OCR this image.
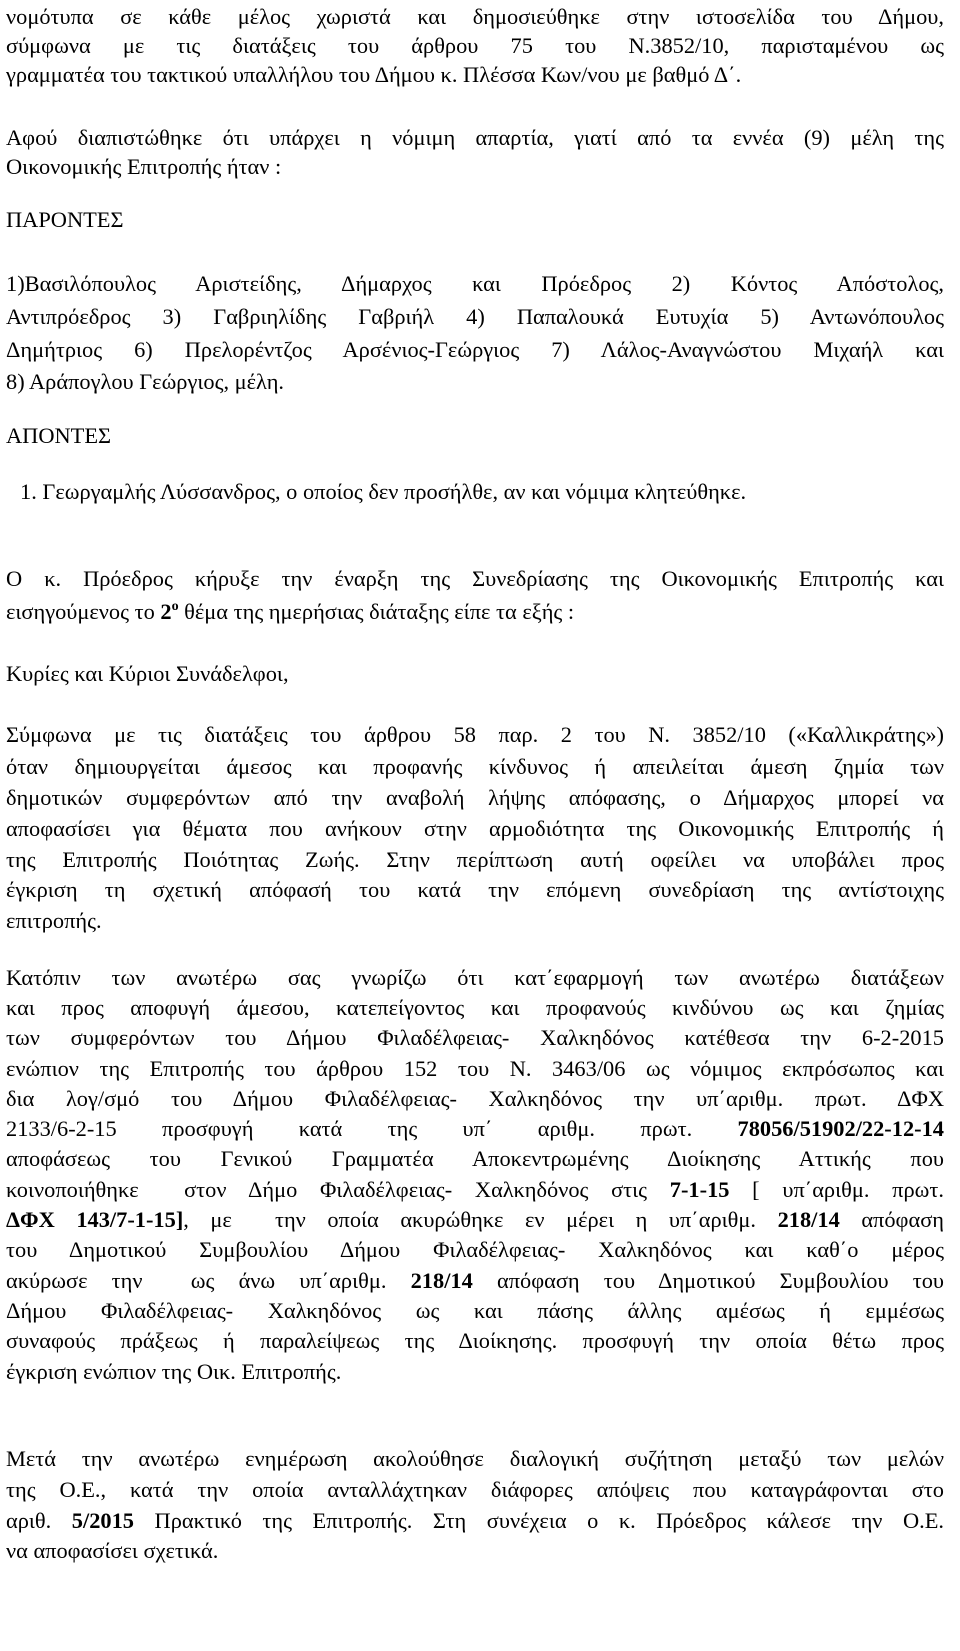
νομότυπα σε κάθε μέλος χωριστά και δημοσιεύθηκε στην ιστοσελίδα του Δήμου,
σύμφωνα με τις διατάξεις του άρθρου 75 του Ν.3852/10, παρισταμένου ως
γραμματέα του τακτικού υπαλλήλου του Δήμου κ. Πλέσσα Κων/νου με βαθμό Δ΄.
Αφού διαπιστώθηκε ότι υπάρχει η νόμιμη απαρτία, γιατί από τα εννέα (9) μέλη της
Οικονομικής Επιτροπής ήταν :
ΠΑΡΟΝΤΕΣ
1)Βασιλόπουλος Αριστείδης, Δήμαρχος και Πρόεδρος 2) Κόντος Απόστολος,
Αντιπρόεδρος 3) Γαβριηλίδης Γαβριήλ 4) Παπαλουκά Ευτυχία 5) Αντωνόπουλος
Δημήτριος 6) Πρελορέντζος Αρσένιος-Γεώργιος 7) Λάλος-Αναγνώστου Μιχαήλ και
8) Αράπογλου Γεώργιος, μέλη.
ΑΠΟΝΤΕΣ
1. Γεωργαμλής Λύσσανδρος, ο οποίος δεν προσήλθε, αν και νόμιμα κλητεύθηκε.
Ο κ. Πρόεδρος κήρυξε την έναρξη της Συνεδρίασης της Οικονομικής Επιτροπής και
εισηγούμενος το $2^o$ θέμα της ημερήσιας διάταξης είπε τα εξής :
Κυρίες και Κύριοι Συνάδελφοι,
Σύμφωνα με τις διατάξεις του άρθρου 58 παρ. 2 του Ν. 3852/10 («Καλλικράτης»)
όταν δημιουργείται άμεσος και προφανής κίνδυνος ή απειλείται άμεση ζημία των
δημοτικών συμφερόντων από την αναβολή λήψης απόφασης, ο Δήμαρχος μπορεί να
αποφασίσει για θέματα που ανήκουν στην αρμοδιότητα της Οικονομικής Επιτροπής ή
της Επιτροπής Ποιότητας Ζωής. Στην περίπτωση αυτή οφείλει να υποβάλει προς
έγκριση τη σχετική απόφασή του κατά την επόμενη συνεδρίαση της αντίστοιχης
επιτροπής.
Κατόπιν των ανωτέρω σας γνωρίζω ότι κατ΄εφαρμογή των ανωτέρω διατάξεων
και προς αποφυγή άμεσου, κατεπείγοντος και προφανούς κινδύνου ως και ζημίας
των συμφερόντων του Δήμου Φιλαδέλφειας- Χαλκηδόνος κατέθεσα την 6-2-2015
ενώπιον της Επιτροπής του άρθρου 152 του Ν. 3463/06 ως νόμιμος εκπρόσωπος και
δια λογ/σμό του Δήμου Φιλαδέλφειας- Χαλκηδόνος την υπ΄αριθμ. πρωτ. ΔΦΧ
2133/6-2-15  προσφυγή  κατά  της  υπ΄  αριθμ.  πρωτ.  78056/51902/22-12-14
αποφάσεως του Γενικού Γραμματέα Αποκεντρωμένης Διοίκησης Αττικής που
κοινοποιήθηκε  στον Δήμο Φιλαδέλφειας- Χαλκηδόνος στις 7-1-15 [ υπ΄αριθμ. πρωτ.
ΔΦΧ 143/7-1-15], με  την οποία ακυρώθηκε εν μέρει η υπ΄αριθμ. 218/14 απόφαση
του Δημοτικού Συμβουλίου Δήμου Φιλαδέλφειας- Χαλκηδόνος και καθ΄ο μέρος
ακύρωσε την  ως άνω υπ΄αριθμ. 218/14 απόφαση του Δημοτικού Συμβουλίου του
Δήμου Φιλαδέλφειας- Χαλκηδόνος ως και πάσης άλλης αμέσως ή εμμέσως
συναφούς πράξεως ή παραλείψεως της Διοίκησης. προσφυγή την οποία θέτω προς
έγκριση ενώπιον της Οικ. Επιτροπής.
Μετά την ανωτέρω ενημέρωση ακολούθησε διαλογική συζήτηση μεταξύ των μελών
της Ο.Ε., κατά την οποία ανταλλάχτηκαν διάφορες απόψεις που καταγράφονται στο
αριθ. 5/2015 Πρακτικό της Επιτροπής. Στη συνέχεια ο κ. Πρόεδρος κάλεσε την Ο.Ε.
να αποφασίσει σχετικά.
